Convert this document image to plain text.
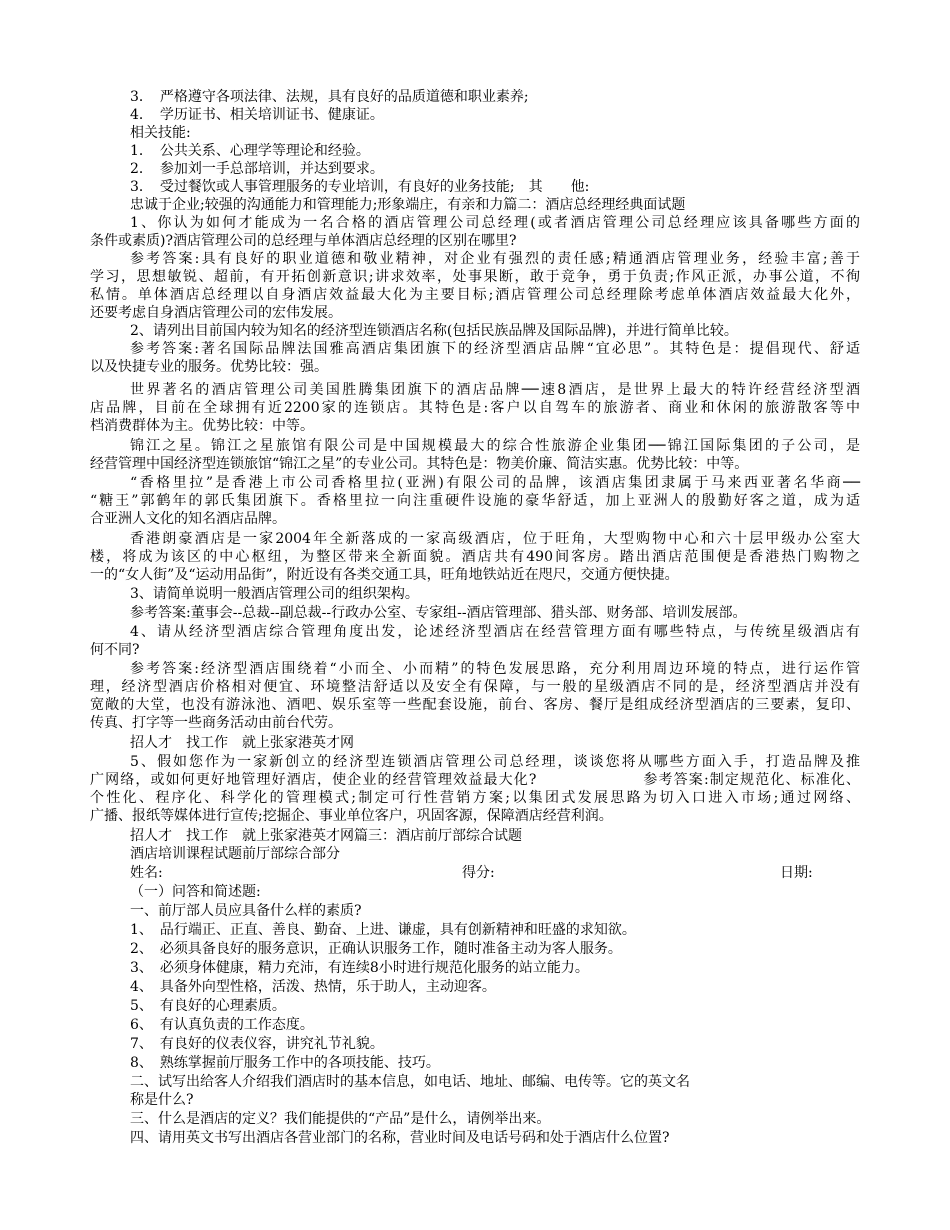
3．　严格遵守各项法律、法规，具有良好的品质道德和职业素养;
4．　学历证书、相关培训证书、健康证。
相关技能:
1．　公共关系、心理学等理论和经验。
2．　参加刘一手总部培训，并达到要求。
3．　受过餐饮或人事管理服务的专业培训，有良好的业务技能;　其　　他:
忠诚于企业;较强的沟通能力和管理能力;形象端庄，有亲和力篇二：酒店总经理经典面试题
1、你认为如何才能成为一名合格的酒店管理公司总经理(或者酒店管理公司总经理应该具备哪些方面的
条件或素质)?酒店管理公司的总经理与单体酒店总经理的区别在哪里?
参考答案:具有良好的职业道德和敬业精神，对企业有强烈的责任感;精通酒店管理业务，经验丰富;善于
学习，思想敏锐、超前，有开拓创新意识;讲求效率，处事果断，敢于竞争，勇于负责;作风正派，办事公道，不徇
私情。单体酒店总经理以自身酒店效益最大化为主要目标;酒店管理公司总经理除考虑单体酒店效益最大化外，
还要考虑自身酒店管理公司的宏伟发展。
2、请列出目前国内较为知名的经济型连锁酒店名称(包括民族品牌及国际品牌)，并进行简单比较。
参考答案:著名国际品牌法国雅高酒店集团旗下的经济型酒店品牌“宜必思”。其特色是：提倡现代、舒适
以及快捷专业的服务。优势比较：强。
世界著名的酒店管理公司美国胜腾集团旗下的酒店品牌──速8酒店，是世界上最大的特许经营经济型酒
店品牌，目前在全球拥有近2200家的连锁店。其特色是:客户以自驾车的旅游者、商业和休闲的旅游散客等中
档消费群体为主。优势比较：中等。
锦江之星。锦江之星旅馆有限公司是中国规模最大的综合性旅游企业集团──锦江国际集团的子公司，是
经营管理中国经济型连锁旅馆“锦江之星”的专业公司。其特色是：物美价廉、简洁实惠。优势比较：中等。
“香格里拉”是香港上市公司香格里拉(亚洲)有限公司的品牌，该酒店集团隶属于马来西亚著名华商──
“糖王”郭鹤年的郭氏集团旗下。香格里拉一向注重硬件设施的豪华舒适，加上亚洲人的殷勤好客之道，成为适
合亚洲人文化的知名酒店品牌。
香港朗豪酒店是一家2004年全新落成的一家高级酒店，位于旺角，大型购物中心和六十层甲级办公室大
楼，将成为该区的中心枢纽，为整区带来全新面貌。酒店共有490间客房。踏出酒店范围便是香港热门购物之
一的“女人街”及“运动用品街”，附近设有各类交通工具，旺角地铁站近在咫尺，交通方便快捷。
3、请简单说明一般酒店管理公司的组织架构。
参考答案:董事会--总裁--副总裁--行政办公室、专家组--酒店管理部、猎头部、财务部、培训发展部。
4、请从经济型酒店综合管理角度出发，论述经济型酒店在经营管理方面有哪些特点，与传统星级酒店有
何不同?
参考答案:经济型酒店围绕着“小而全、小而精”的特色发展思路，充分利用周边环境的特点，进行运作管
理，经济型酒店价格相对便宜、环境整洁舒适以及安全有保障，与一般的星级酒店不同的是，经济型酒店并没有
宽敞的大堂，也没有游泳池、酒吧、娱乐室等一些配套设施，前台、客房、餐厅是组成经济型酒店的三要素，复印、
传真、打字等一些商务活动由前台代劳。
招人才　找工作　就上张家港英才网
5、假如您作为一家新创立的经济型连锁酒店管理公司总经理，谈谈您将从哪些方面入手，打造品牌及推
广网络，或如何更好地管理好酒店，使企业的经营管理效益最大化?　　　　　　　参考答案:制定规范化、标准化、
个性化、程序化、科学化的管理模式;制定可行性营销方案;以集团式发展思路为切入口进入市场;通过网络、
广播、报纸等媒体进行宣传;挖掘企、事业单位客户，巩固客源，保障酒店经营利润。
招人才　找工作　就上张家港英才网篇三：酒店前厅部综合试题
酒店培训课程试题前厅部综合部分
姓名:	得分:	日期:
（一）问答和简述题:
一、前厅部人员应具备什么样的素质?
1、　品行端正、正直、善良、勤奋、上进、谦虚，具有创新精神和旺盛的求知欲。
2、　必须具备良好的服务意识，正确认识服务工作，随时准备主动为客人服务。
3、　必须身体健康，精力充沛，有连续8小时进行规范化服务的站立能力。
4、　具备外向型性格，活泼、热情，乐于助人，主动迎客。
5、　有良好的心理素质。
6、　有认真负责的工作态度。
7、　有良好的仪表仪容，讲究礼节礼貌。
8、　熟练掌握前厅服务工作中的各项技能、技巧。
二、试写出给客人介绍我们酒店时的基本信息，如电话、地址、邮编、电传等。它的英文名
称是什么?
三、什么是酒店的定义？我们能提供的“产品”是什么，请例举出来。
四、请用英文书写出酒店各营业部门的名称，营业时间及电话号码和处于酒店什么位置?
